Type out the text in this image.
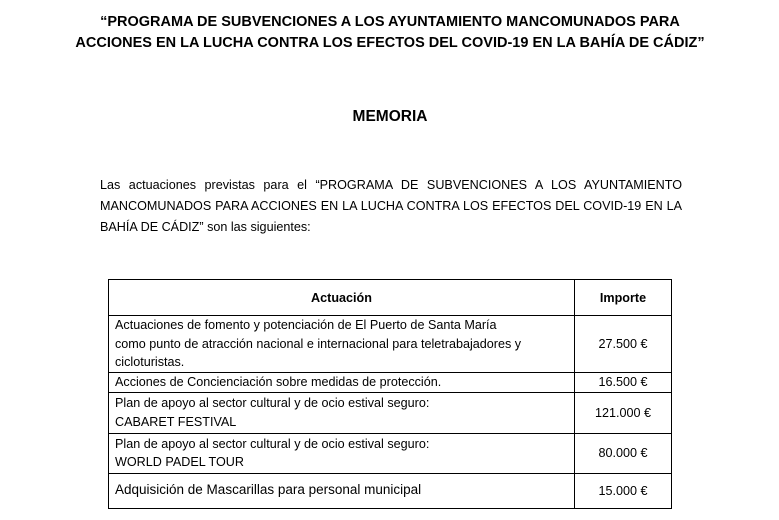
“PROGRAMA DE SUBVENCIONES A LOS AYUNTAMIENTO MANCOMUNADOS PARA
ACCIONES EN LA LUCHA CONTRA LOS EFECTOS DEL COVID-19 EN LA BAHÍA DE CÁDIZ”
MEMORIA
Las actuaciones previstas para el “PROGRAMA DE SUBVENCIONES A LOS AYUNTAMIENTO MANCOMUNADOS PARA ACCIONES EN LA LUCHA CONTRA LOS EFECTOS DEL COVID-19 EN LA BAHÍA DE CÁDIZ” son las siguientes:
Actuación	Importe

Actuaciones de fomento y potenciación de El Puerto de Santa María
como punto de atracción nacional e internacional para teletrabajadores y
cicloturistas.	27.500 €

Acciones de Concienciación sobre medidas de protección.	16.500 €

Plan de apoyo al sector cultural y de ocio estival seguro:
CABARET FESTIVAL	121.000 €

Plan de apoyo al sector cultural y de ocio estival seguro:
WORLD PADEL TOUR	80.000 €

Adquisición de Mascarillas para personal municipal	15.000 €
